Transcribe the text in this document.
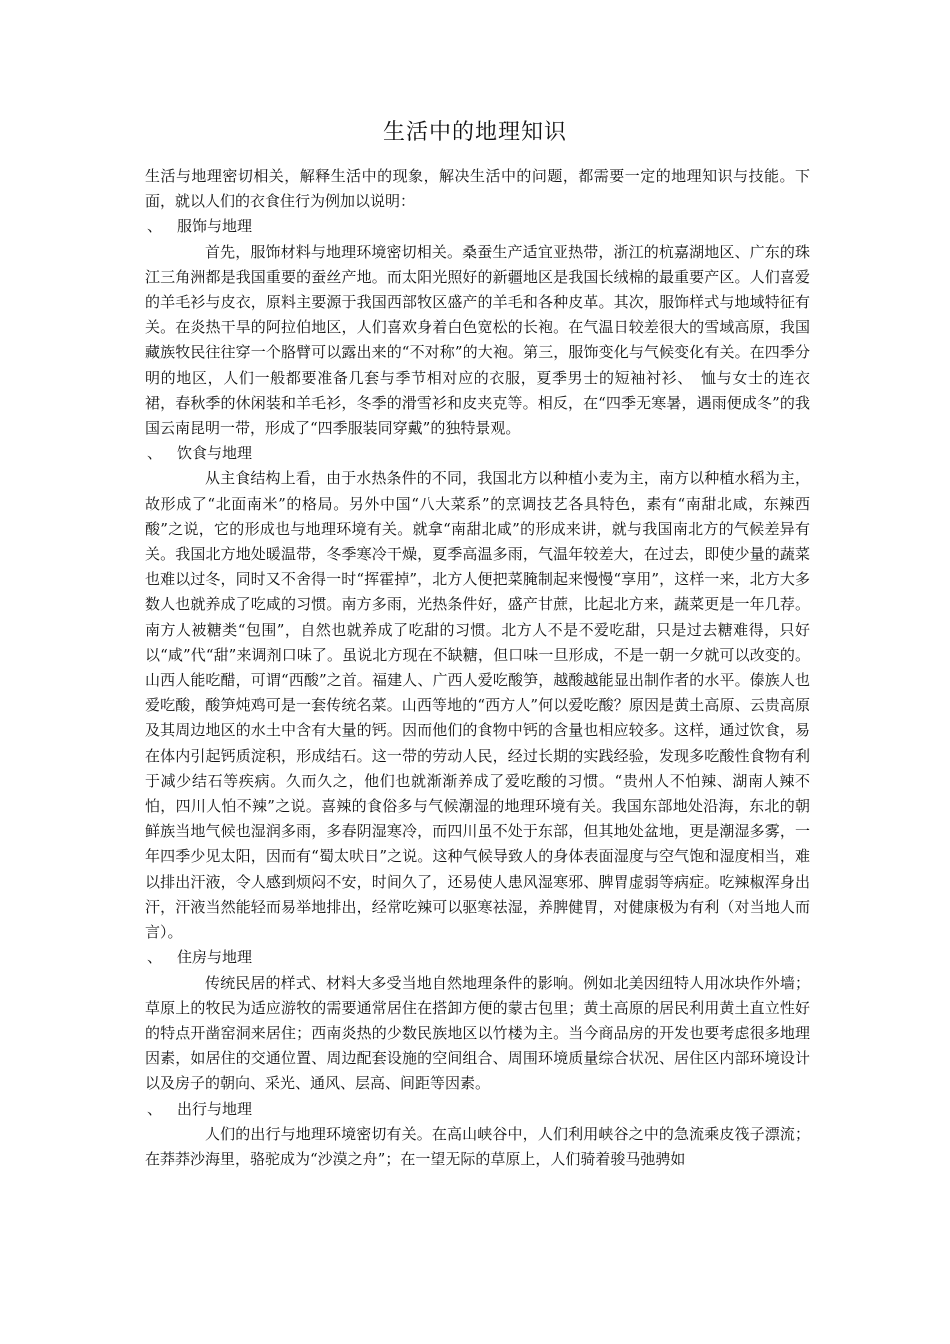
生活中的地理知识

生活与地理密切相关，解释生活中的现象，解决生活中的问题，都需要一定的地理知识与技能。下面，就以人们的衣食住行为例加以说明：

、 服饰与地理

首先，服饰材料与地理环境密切相关。桑蚕生产适宜亚热带，浙江的杭嘉湖地区、广东的珠江三角洲都是我国重要的蚕丝产地。而太阳光照好的新疆地区是我国长绒棉的最重要产区。人们喜爱的羊毛衫与皮衣，原料主要源于我国西部牧区盛产的羊毛和各种皮革。其次，服饰样式与地域特征有关。在炎热干旱的阿拉伯地区，人们喜欢身着白色宽松的长袍。在气温日较差很大的雪域高原，我国藏族牧民往往穿一个胳臂可以露出来的“不对称”的大袍。第三，服饰变化与气候变化有关。在四季分明的地区，人们一般都要准备几套与季节相对应的衣服，夏季男士的短袖衬衫、　恤与女士的连衣裙，春秋季的休闲装和羊毛衫，冬季的滑雪衫和皮夹克等。相反，在“四季无寒暑，遇雨便成冬”的我国云南昆明一带，形成了“四季服装同穿戴”的独特景观。

、 饮食与地理

从主食结构上看，由于水热条件的不同，我国北方以种植小麦为主，南方以种植水稻为主，故形成了“北面南米”的格局。另外中国“八大菜系”的烹调技艺各具特色，素有“南甜北咸，东辣西酸”之说，它的形成也与地理环境有关。就拿“南甜北咸”的形成来讲，就与我国南北方的气候差异有关。我国北方地处暖温带，冬季寒冷干燥，夏季高温多雨，气温年较差大，在过去，即使少量的蔬菜也难以过冬，同时又不舍得一时“挥霍掉”，北方人便把菜腌制起来慢慢“享用”，这样一来，北方大多数人也就养成了吃咸的习惯。南方多雨，光热条件好，盛产甘蔗，比起北方来，蔬菜更是一年几荐。南方人被糖类“包围”，自然也就养成了吃甜的习惯。北方人不是不爱吃甜，只是过去糖难得，只好以“咸”代“甜”来调剂口味了。虽说北方现在不缺糖，但口味一旦形成，不是一朝一夕就可以改变的。山西人能吃醋，可谓“西酸”之首。福建人、广西人爱吃酸笋，越酸越能显出制作者的水平。傣族人也爱吃酸，酸笋炖鸡可是一套传统名菜。山西等地的“西方人”何以爱吃酸？原因是黄土高原、云贵高原及其周边地区的水土中含有大量的钙。因而他们的食物中钙的含量也相应较多。这样，通过饮食，易在体内引起钙质淀积，形成结石。这一带的劳动人民，经过长期的实践经验，发现多吃酸性食物有利于减少结石等疾病。久而久之，他们也就渐渐养成了爱吃酸的习惯。“贵州人不怕辣、湖南人辣不怕，四川人怕不辣”之说。喜辣的食俗多与气候潮湿的地理环境有关。我国东部地处沿海，东北的朝鲜族当地气候也湿润多雨，多春阴湿寒冷，而四川虽不处于东部，但其地处盆地，更是潮湿多雾，一年四季少见太阳，因而有“蜀太吠日”之说。这种气候导致人的身体表面湿度与空气饱和湿度相当，难以排出汗液，令人感到烦闷不安，时间久了，还易使人患风湿寒邪、脾胃虚弱等病症。吃辣椒浑身出汗，汗液当然能轻而易举地排出，经常吃辣可以驱寒祛湿，养脾健胃，对健康极为有利（对当地人而言）。

、 住房与地理

传统民居的样式、材料大多受当地自然地理条件的影响。例如北美因纽特人用冰块作外墙；草原上的牧民为适应游牧的需要通常居住在搭卸方便的蒙古包里；黄土高原的居民利用黄土直立性好的特点开凿窑洞来居住；西南炎热的少数民族地区以竹楼为主。当今商品房的开发也要考虑很多地理因素，如居住的交通位置、周边配套设施的空间组合、周围环境质量综合状况、居住区内部环境设计以及房子的朝向、采光、通风、层高、间距等因素。

、 出行与地理

人们的出行与地理环境密切有关。在高山峡谷中，人们利用峡谷之中的急流乘皮筏子漂流；在莽莽沙海里，骆驼成为“沙漠之舟”；在一望无际的草原上，人们骑着骏马弛骋如
